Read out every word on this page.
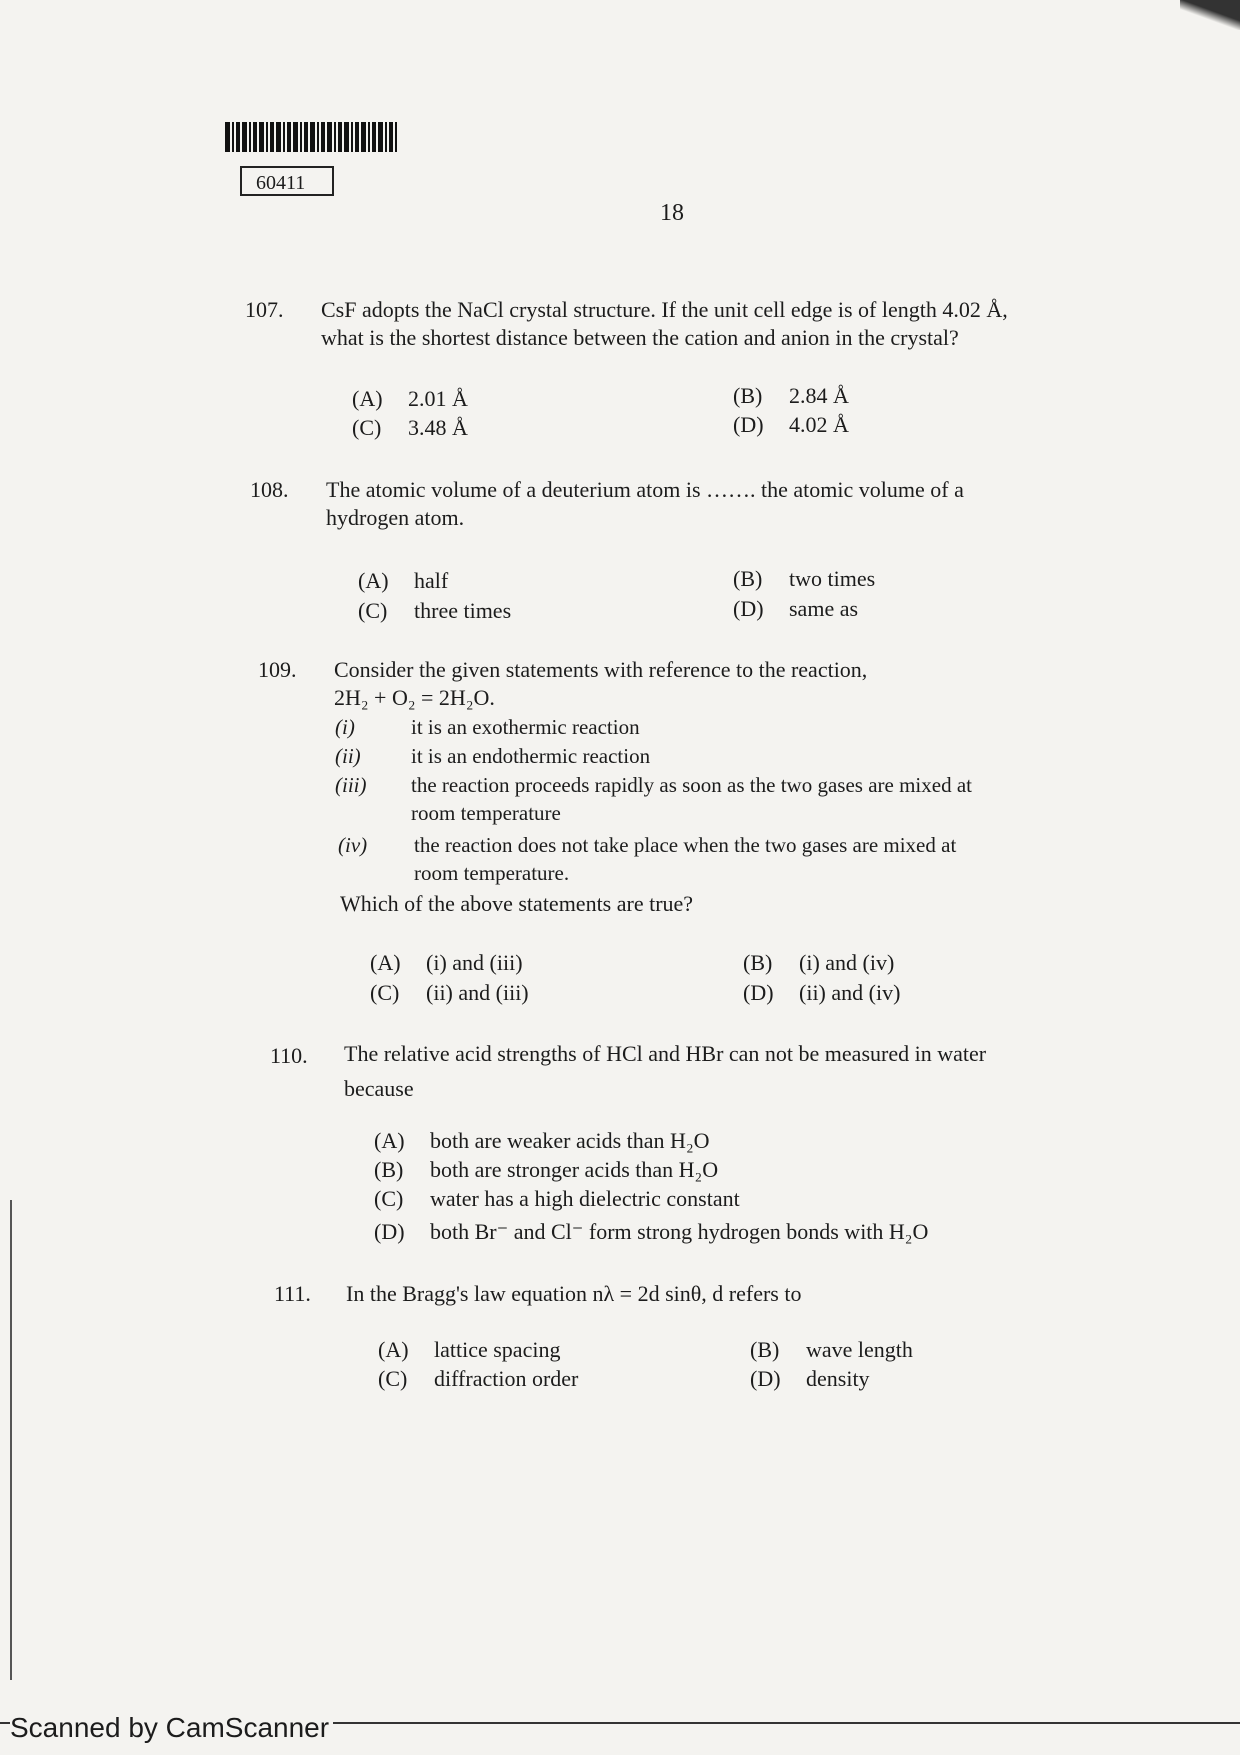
60411
18
107. CsF adopts the NaCl crystal structure. If the unit cell edge is of length 4.02 Å,
what is the shortest distance between the cation and anion in the crystal?
(A) 2.01 Å	(B) 2.84 Å
(C) 3.48 Å	(D) 4.02 Å
108. The atomic volume of a deuterium atom is ……. the atomic volume of a
hydrogen atom.
(A) half	(B) two times
(C) three times	(D) same as
109. Consider the given statements with reference to the reaction,
2H₂ + O₂ = 2H₂O.
(i)	it is an exothermic reaction
(ii) it is an endothermic reaction
(iii) the reaction proceeds rapidly as soon as the two gases are mixed at
room temperature
(iv) the reaction does not take place when the two gases are mixed at
room temperature.
Which of the above statements are true?
(A) (i) and (iii)	(B) (i) and (iv)
(C) (ii) and (iii)	(D) (ii) and (iv)
110. The relative acid strengths of HCl and HBr can not be measured in water
because
(A) both are weaker acids than H₂O
(B) both are stronger acids than H₂O
(C) water has a high dielectric constant
(D) both Br⁻ and Cl⁻ form strong hydrogen bonds with H₂O
111. In the Bragg's law equation nλ = 2d sinθ, d refers to
(A) lattice spacing	(B) wave length
(C) diffraction order	(D) density
Scanned by CamScanner
